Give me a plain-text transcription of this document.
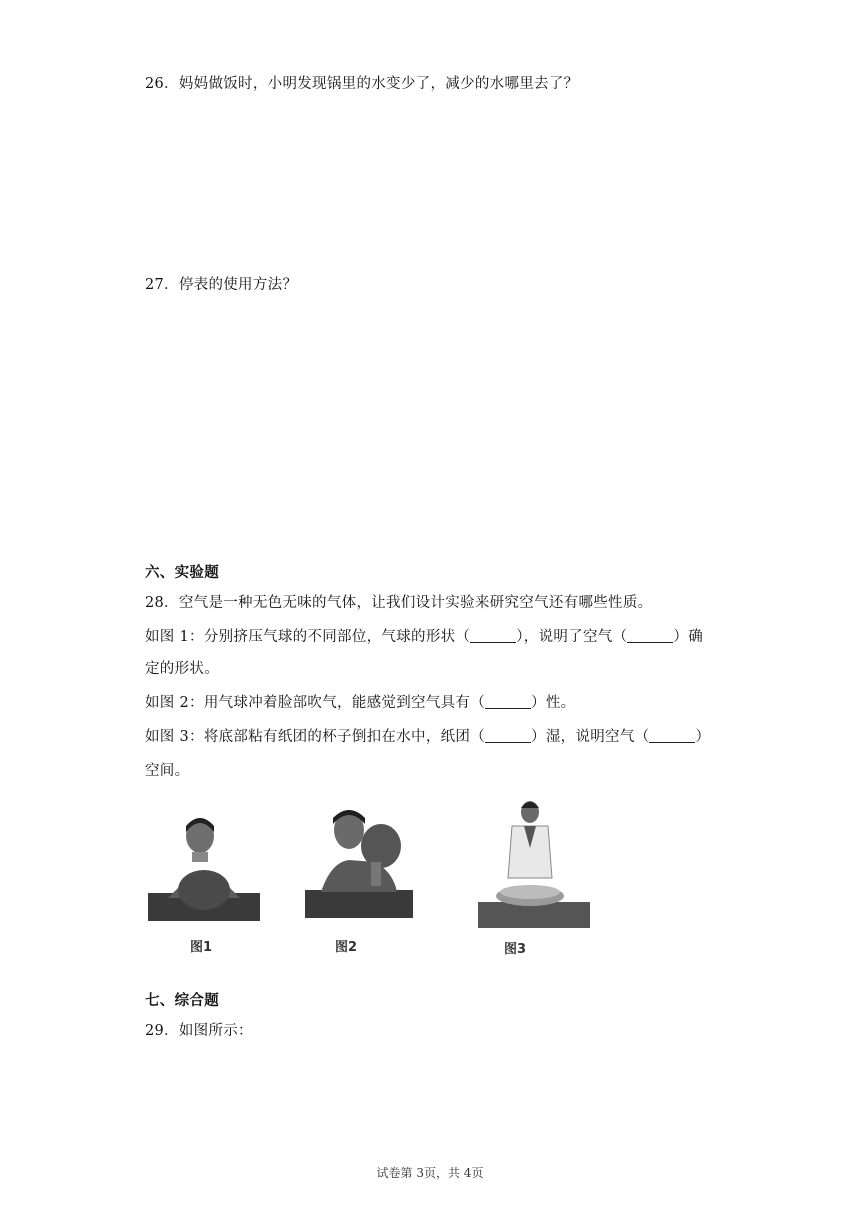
26．妈妈做饭时，小明发现锅里的水变少了，减少的水哪里去了？
27．停表的使用方法？
六、实验题
28．空气是一种无色无味的气体，让我们设计实验来研究空气还有哪些性质。
如图 1：分别挤压气球的不同部位，气球的形状（	），说明了空气（	）确
定的形状。
如图 2：用气球冲着脸部吹气，能感觉到空气具有（	）性。
如图 3：将底部粘有纸团的杯子倒扣在水中，纸团（	）湿，说明空气（	）
空间。
图1	图2	图3
七、综合题
29．如图所示：
试卷第 3页，共 4页
